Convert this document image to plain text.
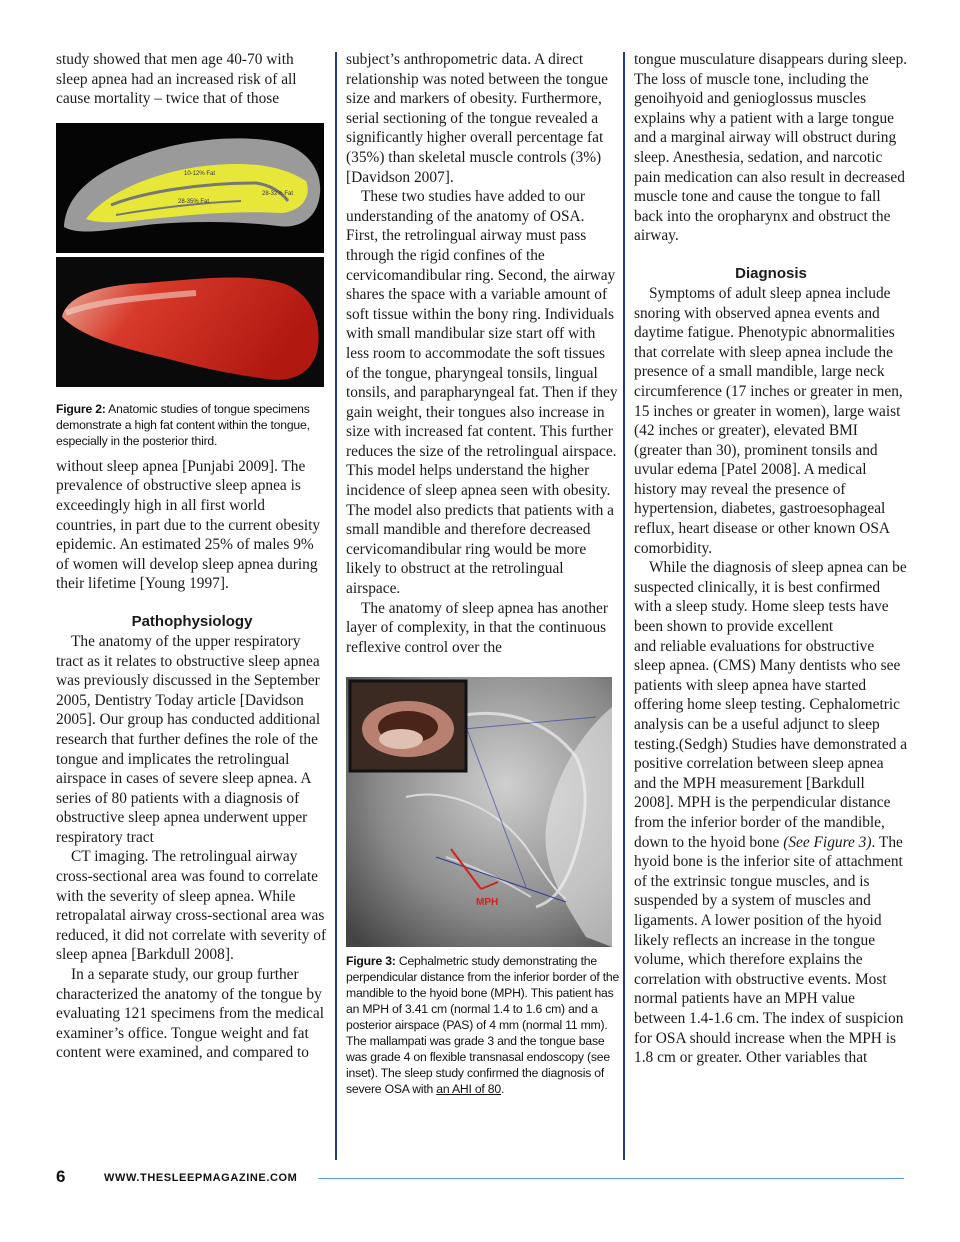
study showed that men age 40-70 with sleep apnea had an increased risk of all cause mortality – twice that of those

10-12% Fat
28-32% Fat
28-35% Fat
Figure 2: Anatomic studies of tongue specimens demonstrate a high fat content within the tongue, especially in the posterior third.

without sleep apnea [Punjabi 2009]. The prevalence of obstructive sleep apnea is exceedingly high in all first world countries, in part due to the current obesity epidemic. An estimated 25% of males 9% of women will develop sleep apnea during their lifetime [Young 1997].

Pathophysiology

The anatomy of the upper respiratory tract as it relates to obstructive sleep apnea was previously discussed in the September 2005, Dentistry Today article [Davidson 2005]. Our group has conducted additional research that further defines the role of the tongue and implicates the retrolingual airspace in cases of severe sleep apnea. A series of 80 patients with a diagnosis of obstructive sleep apnea underwent upper respiratory tract

CT imaging. The retrolingual airway cross-sectional area was found to correlate with the severity of sleep apnea. While retropalatal airway cross-sectional area was reduced, it did not correlate with severity of sleep apnea [Barkdull 2008].

In a separate study, our group further characterized the anatomy of the tongue by evaluating 121 specimens from the medical examiner’s office. Tongue weight and fat content were examined, and compared to

subject’s anthropometric data. A direct relationship was noted between the tongue size and markers of obesity. Furthermore, serial sectioning of the tongue revealed a significantly higher overall percentage fat (35%) than skeletal muscle controls (3%) [Davidson 2007].

These two studies have added to our understanding of the anatomy of OSA. First, the retrolingual airway must pass through the rigid confines of the cervicomandibular ring. Second, the airway shares the space with a variable amount of soft tissue within the bony ring. Individuals with small mandibular size start off with less room to accommodate the soft tissues of the tongue, pharyngeal tonsils, lingual tonsils, and parapharyngeal fat. Then if they gain weight, their tongues also increase in size with increased fat content. This further reduces the size of the retrolingual airspace. This model helps understand the higher incidence of sleep apnea seen with obesity. The model also predicts that patients with a small mandible and therefore decreased cervicomandibular ring would be more likely to obstruct at the retrolingual airspace.

The anatomy of sleep apnea has another layer of complexity, in that the continuous reflexive control over the

MPH
Figure 3: Cephalmetric study demonstrating the perpendicular distance from the inferior border of the mandible to the hyoid bone (MPH). This patient has an MPH of 3.41 cm (normal 1.4 to 1.6 cm) and a posterior airspace (PAS) of 4 mm (normal 11 mm). The mallampati was grade 3 and the tongue base was grade 4 on flexible transnasal endoscopy (see inset). The sleep study confirmed the diagnosis of severe OSA with an AHI of 80.

tongue musculature disappears during sleep. The loss of muscle tone, including the genoihyoid and genioglossus muscles explains why a patient with a large tongue and a marginal airway will obstruct during sleep. Anesthesia, sedation, and narcotic pain medication can also result in decreased muscle tone and cause the tongue to fall back into the oropharynx and obstruct the airway.

Diagnosis

Symptoms of adult sleep apnea include snoring with observed apnea events and daytime fatigue. Phenotypic abnormalities that correlate with sleep apnea include the presence of a small mandible, large neck circumference (17 inches or greater in men, 15 inches or greater in women), large waist (42 inches or greater), elevated BMI (greater than 30), prominent tonsils and uvular edema [Patel 2008]. A medical history may reveal the presence of hypertension, diabetes, gastroesophageal reflux, heart disease or other known OSA comorbidity.

While the diagnosis of sleep apnea can be suspected clinically, it is best confirmed with a sleep study. Home sleep tests have been shown to provide excellent

and reliable evaluations for obstructive sleep apnea. (CMS) Many dentists who see patients with sleep apnea have started offering home sleep testing. Cephalometric analysis can be a useful adjunct to sleep testing.(Sedgh) Studies have demonstrated a positive correlation between sleep apnea and the MPH measurement [Barkdull 2008]. MPH is the perpendicular distance from the inferior border of the mandible, down to the hyoid bone (See Figure 3). The hyoid bone is the inferior site of attachment of the extrinsic tongue muscles, and is suspended by a system of muscles and ligaments. A lower position of the hyoid likely reflects an increase in the tongue volume, which therefore explains the correlation with obstructive events. Most normal patients have an MPH value between 1.4-1.6 cm. The index of suspicion for OSA should increase when the MPH is 1.8 cm or greater. Other variables that

6	WWW.THESLEEPMAGAZINE.COM
